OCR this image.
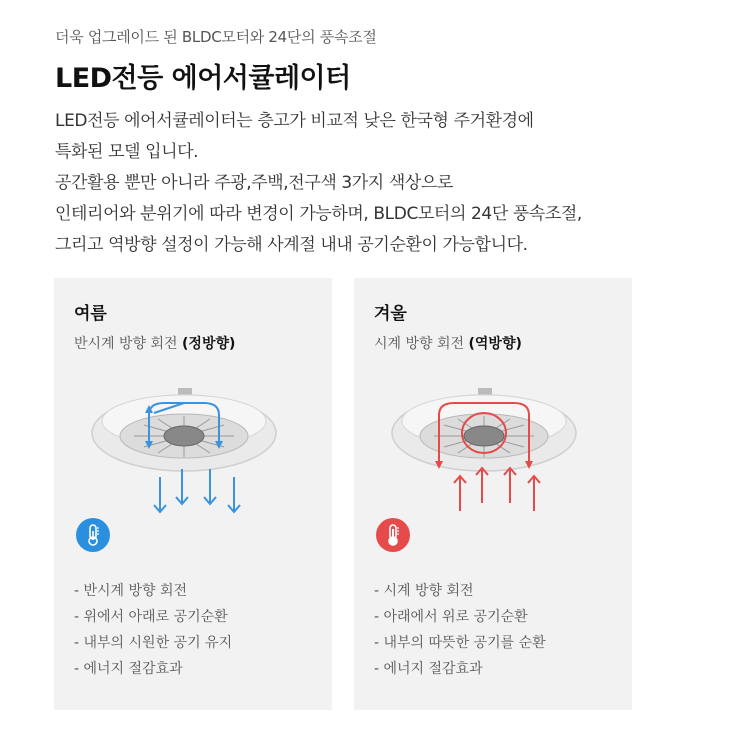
더욱 업그레이드 된 BLDC모터와 24단의 풍속조절
LED전등 에어서큘레이터

LED전등 에어서큘레이터는 층고가 비교적 낮은 한국형 주거환경에

특화된 모델 입니다.

공간활용 뿐만 아니라 주광,주백,전구색 3가지 색상으로

인테리어와 분위기에 따라 변경이 가능하며, BLDC모터의 24단 풍속조절,

그리고 역방향 설정이 가능해 사계절 내내 공기순환이 가능합니다.

여름
반시계 방향 회전 (정방향)
- 반시계 방향 회전
- 위에서 아래로 공기순환
- 내부의 시원한 공기 유지
- 에너지 절감효과
겨울
시계 방향 회전 (역방향)
- 시계 방향 회전
- 아래에서 위로 공기순환
- 내부의 따뜻한 공기를 순환
- 에너지 절감효과
